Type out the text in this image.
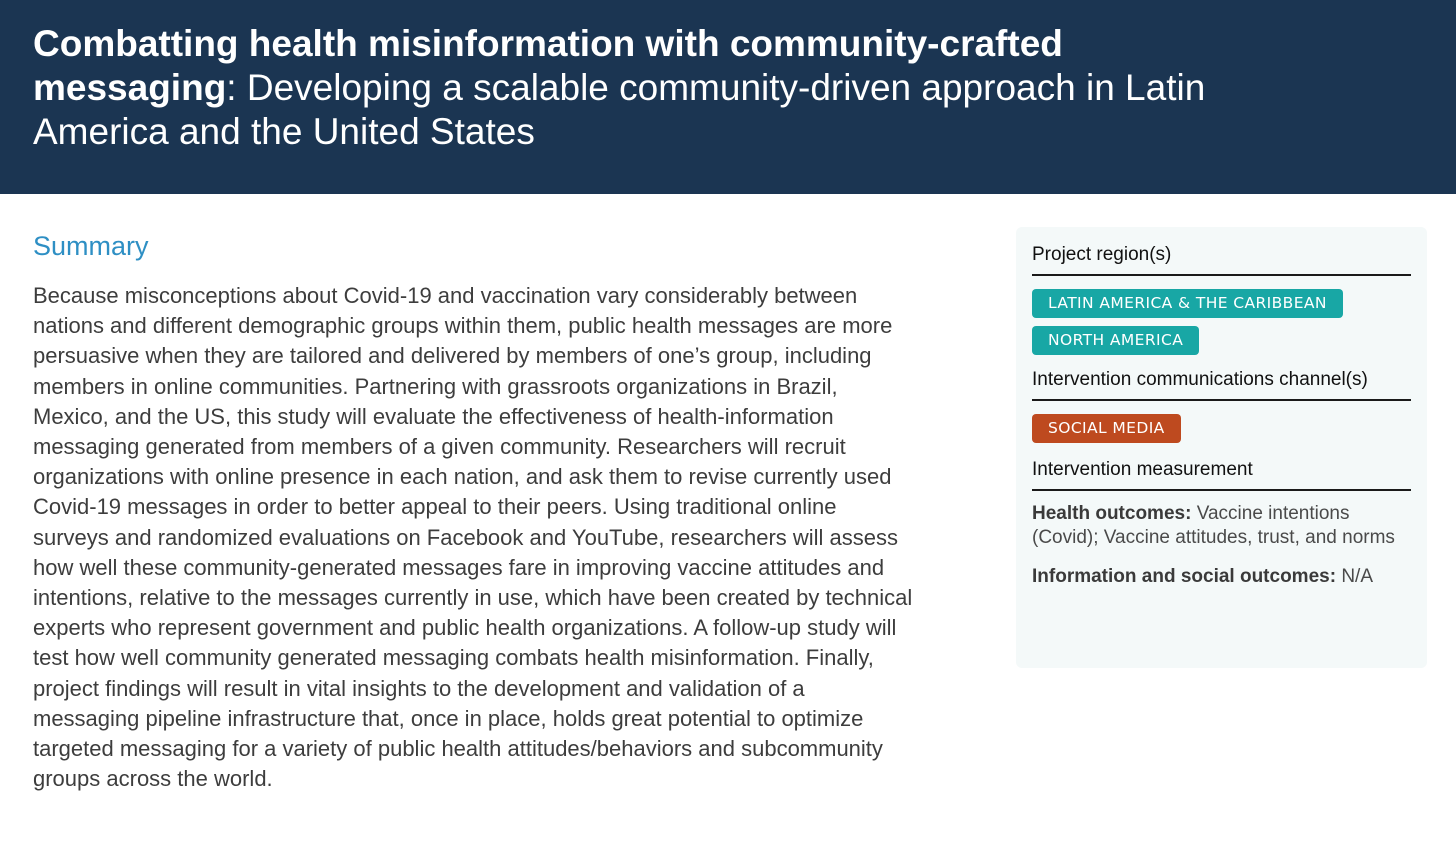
Combatting health misinformation with community-crafted messaging: Developing a scalable community-driven approach in Latin America and the United States
Summary

Because misconceptions about Covid-19 and vaccination vary considerably between nations and different demographic groups within them, public health messages are more persuasive when they are tailored and delivered by members of one’s group, including members in online communities. Partnering with grassroots organizations in Brazil, Mexico, and the US, this study will evaluate the effectiveness of health-information messaging generated from members of a given community. Researchers will recruit organizations with online presence in each nation, and ask them to revise currently used Covid-19 messages in order to better appeal to their peers. Using traditional online surveys and randomized evaluations on Facebook and YouTube, researchers will assess how well these community-generated messages fare in improving vaccine attitudes and intentions, relative to the messages currently in use, which have been created by technical experts who represent government and public health organizations. A follow-up study will test how well community generated messaging combats health misinformation. Finally, project findings will result in vital insights to the development and validation of a messaging pipeline infrastructure that, once in place, holds great potential to optimize targeted messaging for a variety of public health attitudes/behaviors and subcommunity groups across the world.

Project region(s)
LATIN AMERICA & THE CARIBBEAN
NORTH AMERICA
Intervention communications channel(s)
SOCIAL MEDIA
Intervention measurement
Health outcomes: Vaccine intentions (Covid); Vaccine attitudes, trust, and norms
Information and social outcomes: N/A
